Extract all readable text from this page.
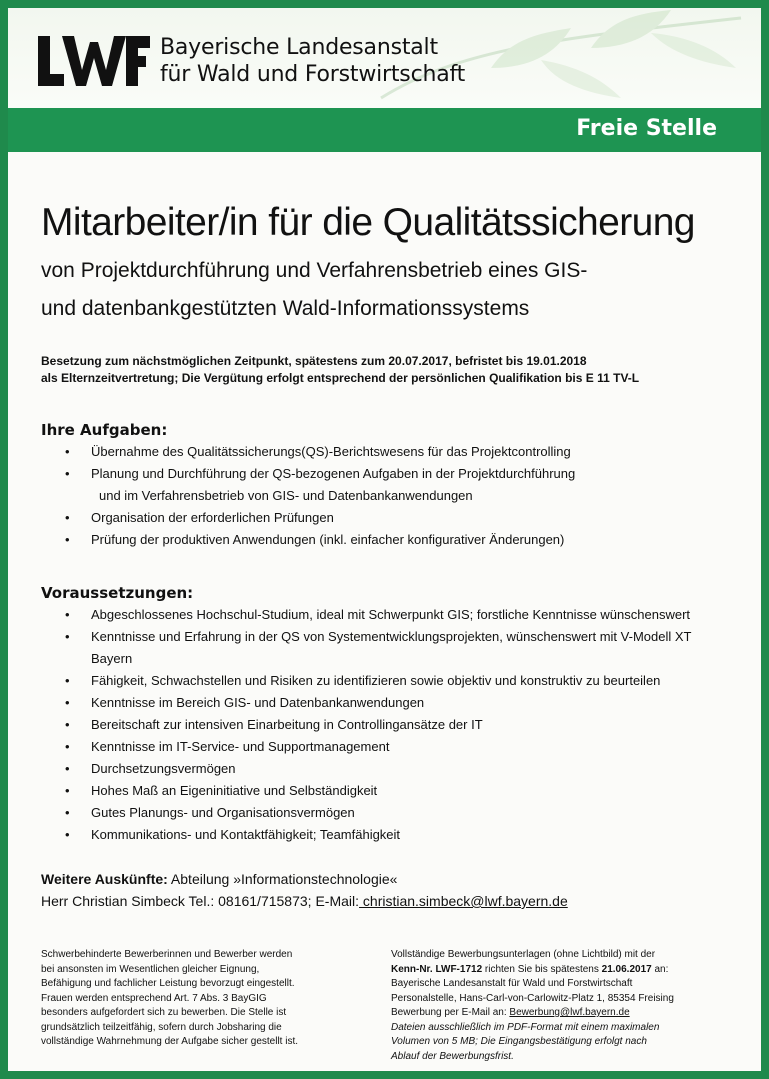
Bayerische Landesanstalt
für Wald und Forstwirtschaft
Freie Stelle
Mitarbeiter/in für die Qualitätssicherung
von Projektdurchführung und Verfahrensbetrieb eines GIS-
und datenbankgestützten Wald-Informationssystems
Besetzung zum nächstmöglichen Zeitpunkt, spätestens zum 20.07.2017, befristet bis 19.01.2018
als Elternzeitvertretung; Die Vergütung erfolgt entsprechend der persönlichen Qualifikation bis E 11 TV-L
Ihre Aufgaben:
• Übernahme des Qualitätssicherungs(QS)-Berichtswesens für das Projektcontrolling
• Planung und Durchführung der QS-bezogenen Aufgaben in der Projektdurchführung
und im Verfahrensbetrieb von GIS- und Datenbankanwendungen
• Organisation der erforderlichen Prüfungen
• Prüfung der produktiven Anwendungen (inkl. einfacher konfigurativer Änderungen)
Voraussetzungen:
• Abgeschlossenes Hochschul-Studium, ideal mit Schwerpunkt GIS; forstliche Kenntnisse wünschenswert
• Kenntnisse und Erfahrung in der QS von Systementwicklungsprojekten, wünschenswert mit V-Modell XT Bayern
• Fähigkeit, Schwachstellen und Risiken zu identifizieren sowie objektiv und konstruktiv zu beurteilen
• Kenntnisse im Bereich GIS- und Datenbankanwendungen
• Bereitschaft zur intensiven Einarbeitung in Controllingansätze der IT
• Kenntnisse im IT-Service- und Supportmanagement
• Durchsetzungsvermögen
• Hohes Maß an Eigeninitiative und Selbständigkeit
• Gutes Planungs- und Organisationsvermögen
• Kommunikations- und Kontaktfähigkeit; Teamfähigkeit
Weitere Auskünfte: Abteilung »Informationstechnologie«
Herr Christian Simbeck Tel.: 08161/715873; E-Mail: christian.simbeck@lwf.bayern.de
Schwerbehinderte Bewerberinnen und Bewerber werden
bei ansonsten im Wesentlichen gleicher Eignung,
Befähigung und fachlicher Leistung bevorzugt eingestellt.
Frauen werden entsprechend Art. 7 Abs. 3 BayGIG
besonders aufgefordert sich zu bewerben. Die Stelle ist
grundsätzlich teilzeitfähig, sofern durch Jobsharing die
vollständige Wahrnehmung der Aufgabe sicher gestellt ist.
Vollständige Bewerbungsunterlagen (ohne Lichtbild) mit der
Kenn-Nr. LWF-1712 richten Sie bis spätestens 21.06.2017 an:
Bayerische Landesanstalt für Wald und Forstwirtschaft
Personalstelle, Hans-Carl-von-Carlowitz-Platz 1, 85354 Freising
Bewerbung per E-Mail an: Bewerbung@lwf.bayern.de
Dateien ausschließlich im PDF-Format mit einem maximalen
Volumen von 5 MB; Die Eingangsbestätigung erfolgt nach
Ablauf der Bewerbungsfrist.
